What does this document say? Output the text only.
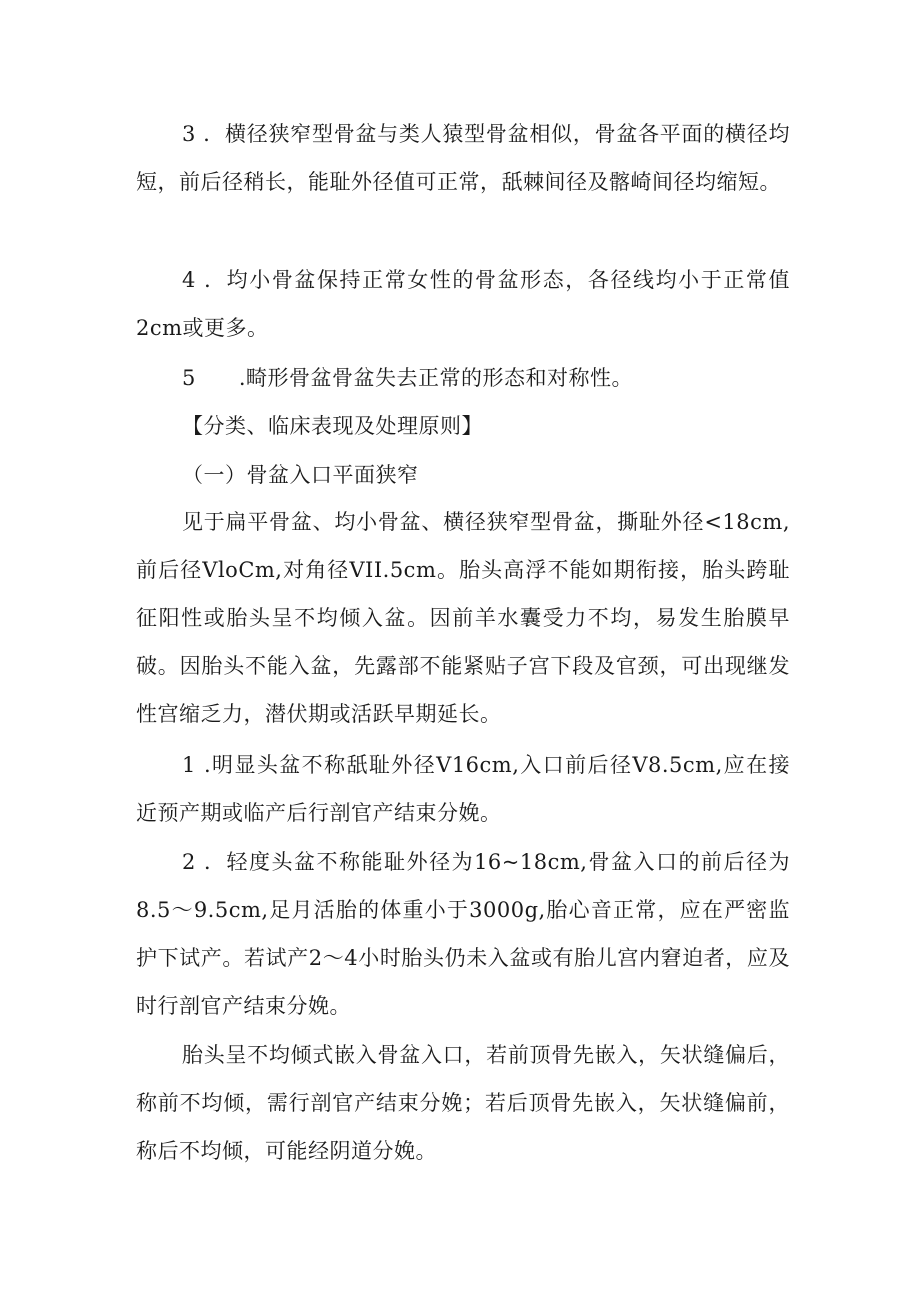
3 ．横径狭窄型骨盆与类人猿型骨盆相似，骨盆各平面的横径均短，前后径稍长，能耻外径值可正常，舐棘间径及髂崎间径均缩短。

4 ．均小骨盆保持正常女性的骨盆形态，各径线均小于正常值2cm或更多。

5　　.畸形骨盆骨盆失去正常的形态和对称性。

【分类、临床表现及处理原则】

（一）骨盆入口平面狭窄

见于扁平骨盆、均小骨盆、横径狭窄型骨盆，撕耻外径<18cm,前后径VloCm,对角径VII.5cm。胎头高浮不能如期衔接，胎头跨耻征阳性或胎头呈不均倾入盆。因前羊水囊受力不均，易发生胎膜早破。因胎头不能入盆，先露部不能紧贴子宫下段及官颈，可出现继发性宫缩乏力，潜伏期或活跃早期延长。

1 .明显头盆不称舐耻外径V16cm,入口前后径V8.5cm,应在接近预产期或临产后行剖官产结束分娩。

2 ．轻度头盆不称能耻外径为16~18cm,骨盆入口的前后径为8.5～9.5cm,足月活胎的体重小于3000g,胎心音正常，应在严密监护下试产。若试产2～4小时胎头仍未入盆或有胎儿宫内窘迫者，应及时行剖官产结束分娩。

胎头呈不均倾式嵌入骨盆入口，若前顶骨先嵌入，矢状缝偏后，称前不均倾，需行剖官产结束分娩；若后顶骨先嵌入，矢状缝偏前，称后不均倾，可能经阴道分娩。
